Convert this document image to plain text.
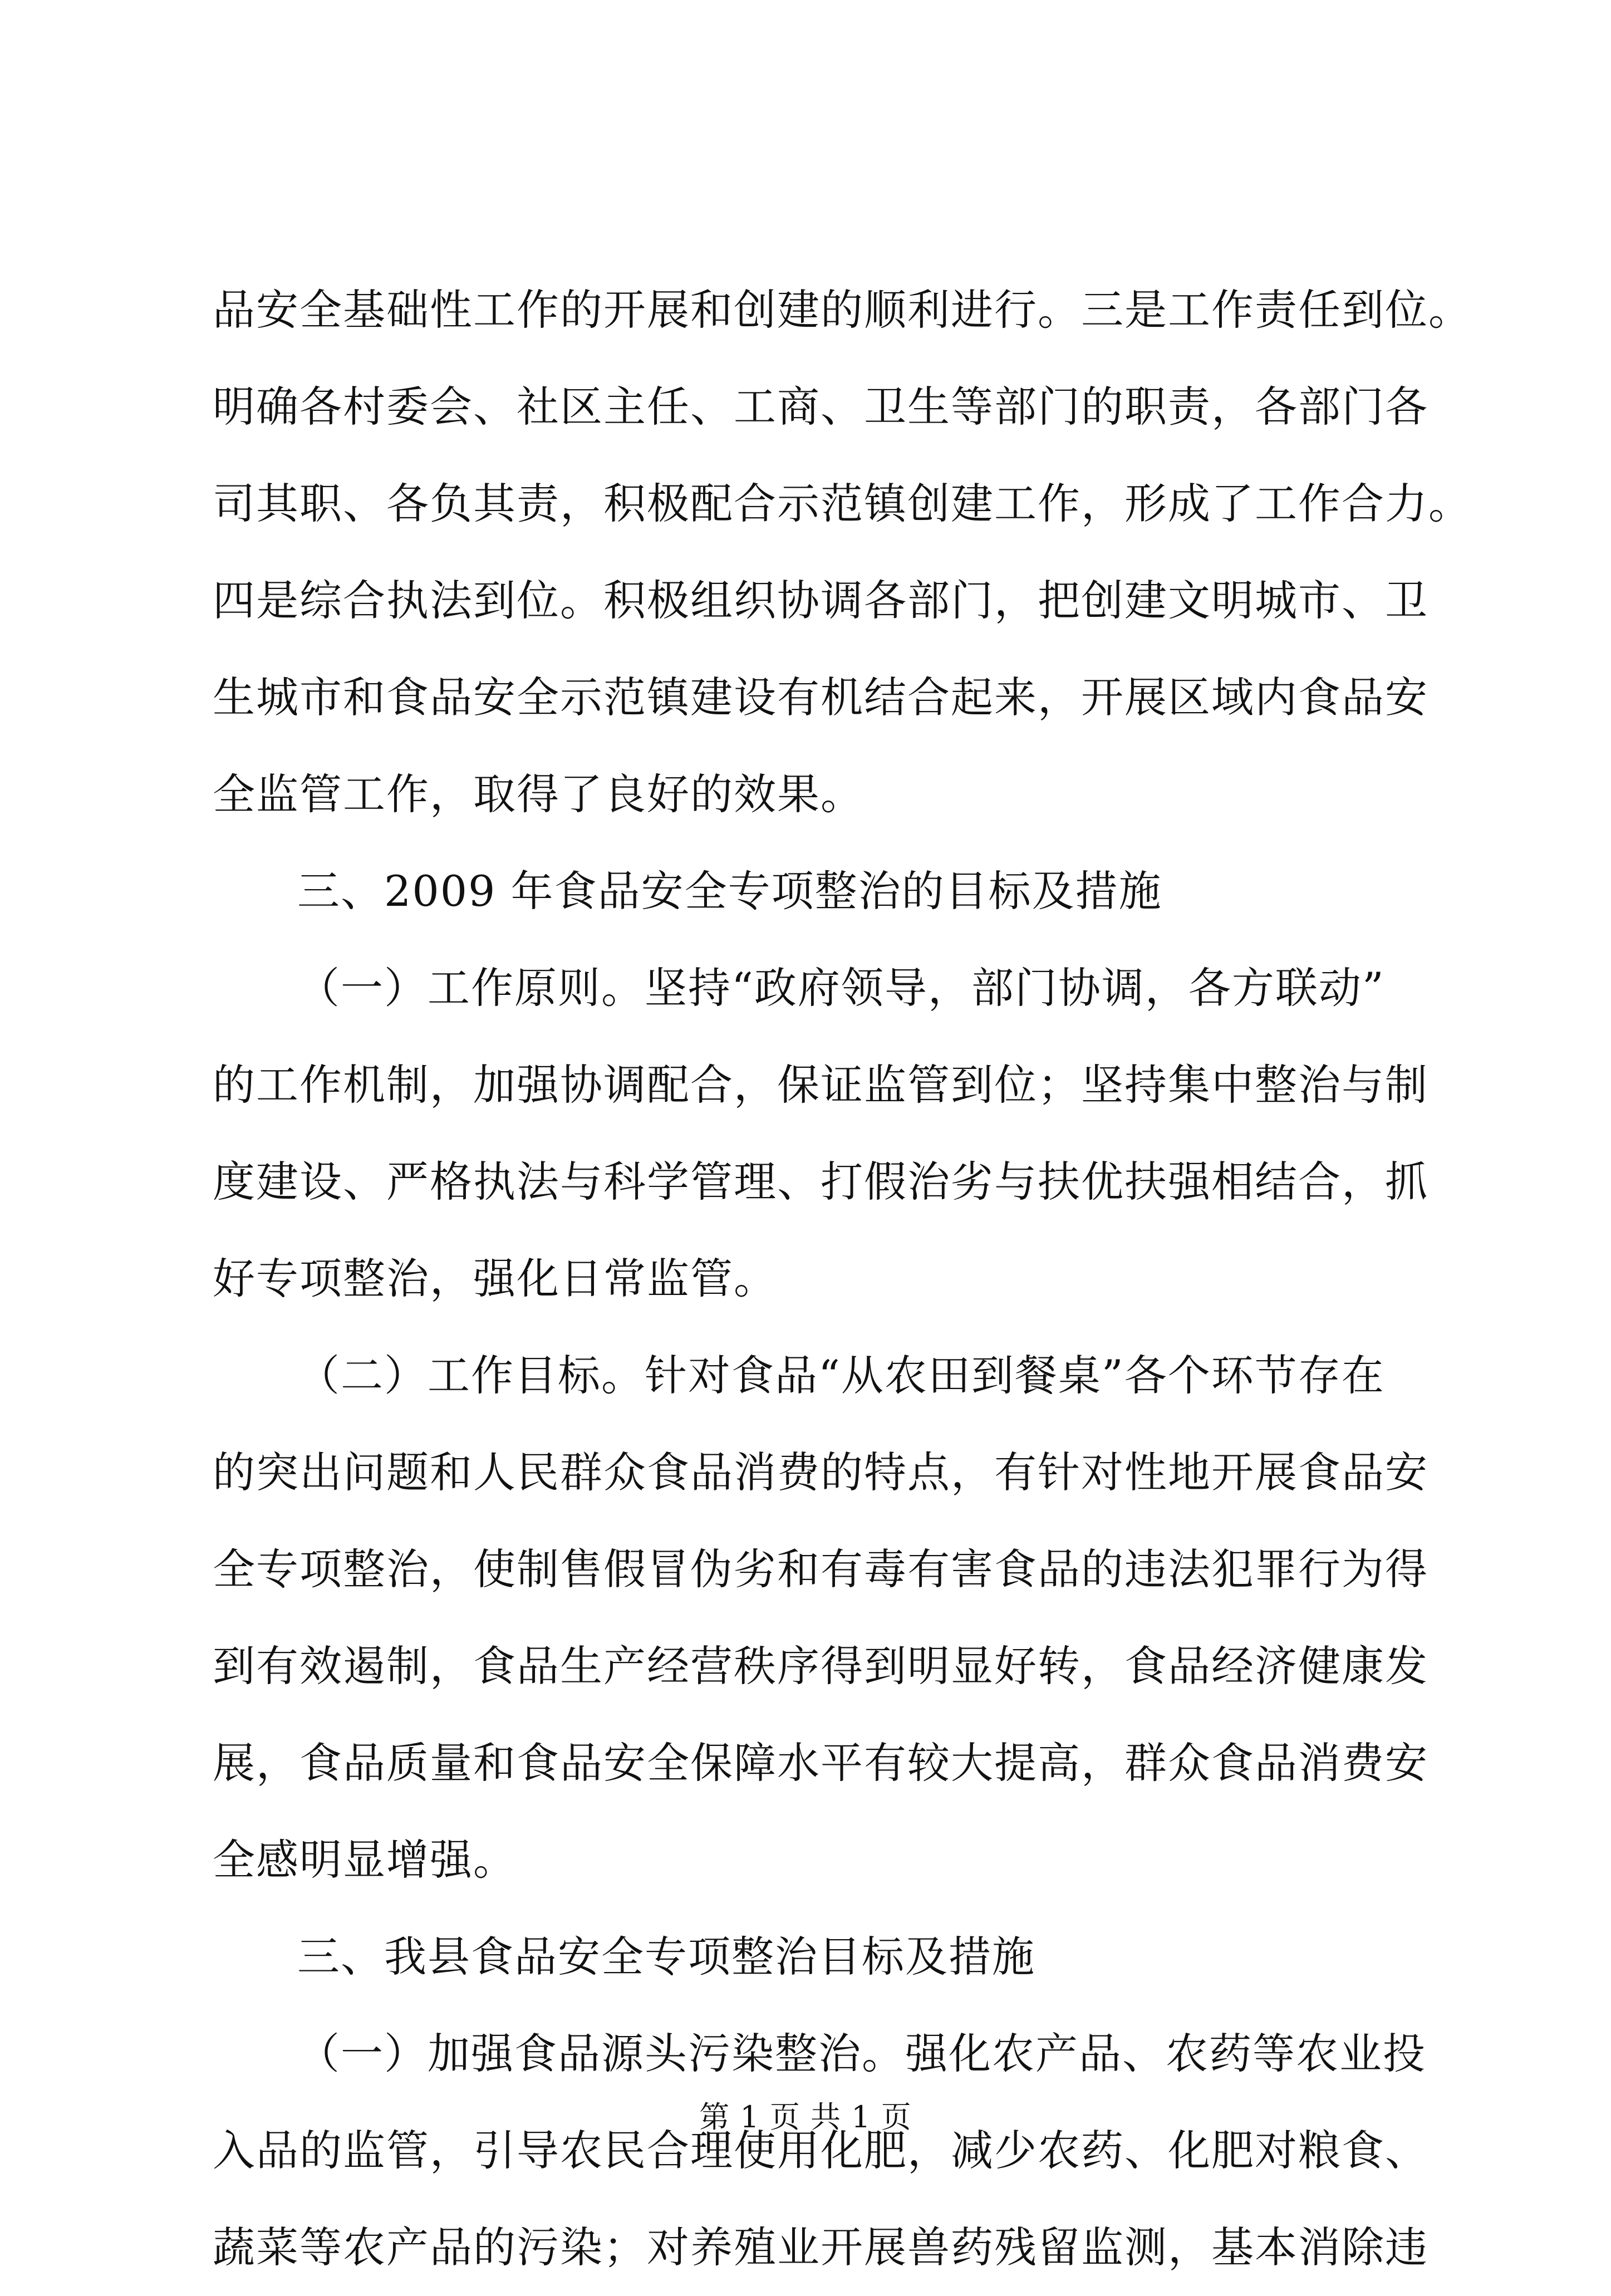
品安全基础性工作的开展和创建的顺利进行。三是工作责任到位。
明确各村委会、社区主任、工商、卫生等部门的职责，各部门各
司其职、各负其责，积极配合示范镇创建工作，形成了工作合力。
四是综合执法到位。积极组织协调各部门，把创建文明城市、卫
生城市和食品安全示范镇建设有机结合起来，开展区域内食品安
全监管工作，取得了良好的效果。
三、2009 年食品安全专项整治的目标及措施
（一）工作原则。坚持“政府领导，部门协调，各方联动”
的工作机制，加强协调配合，保证监管到位；坚持集中整治与制
度建设、严格执法与科学管理、打假治劣与扶优扶强相结合，抓
好专项整治，强化日常监管。
（二）工作目标。针对食品“从农田到餐桌”各个环节存在
的突出问题和人民群众食品消费的特点，有针对性地开展食品安
全专项整治，使制售假冒伪劣和有毒有害食品的违法犯罪行为得
到有效遏制，食品生产经营秩序得到明显好转，食品经济健康发
展，食品质量和食品安全保障水平有较大提高，群众食品消费安
全感明显增强。
三、我县食品安全专项整治目标及措施
（一）加强食品源头污染整治。强化农产品、农药等农业投
入品的监管，引导农民合理使用化肥，减少农药、化肥对粮食、
蔬菜等农产品的污染；对养殖业开展兽药残留监测，基本消除违
第 1 页 共 1 页
